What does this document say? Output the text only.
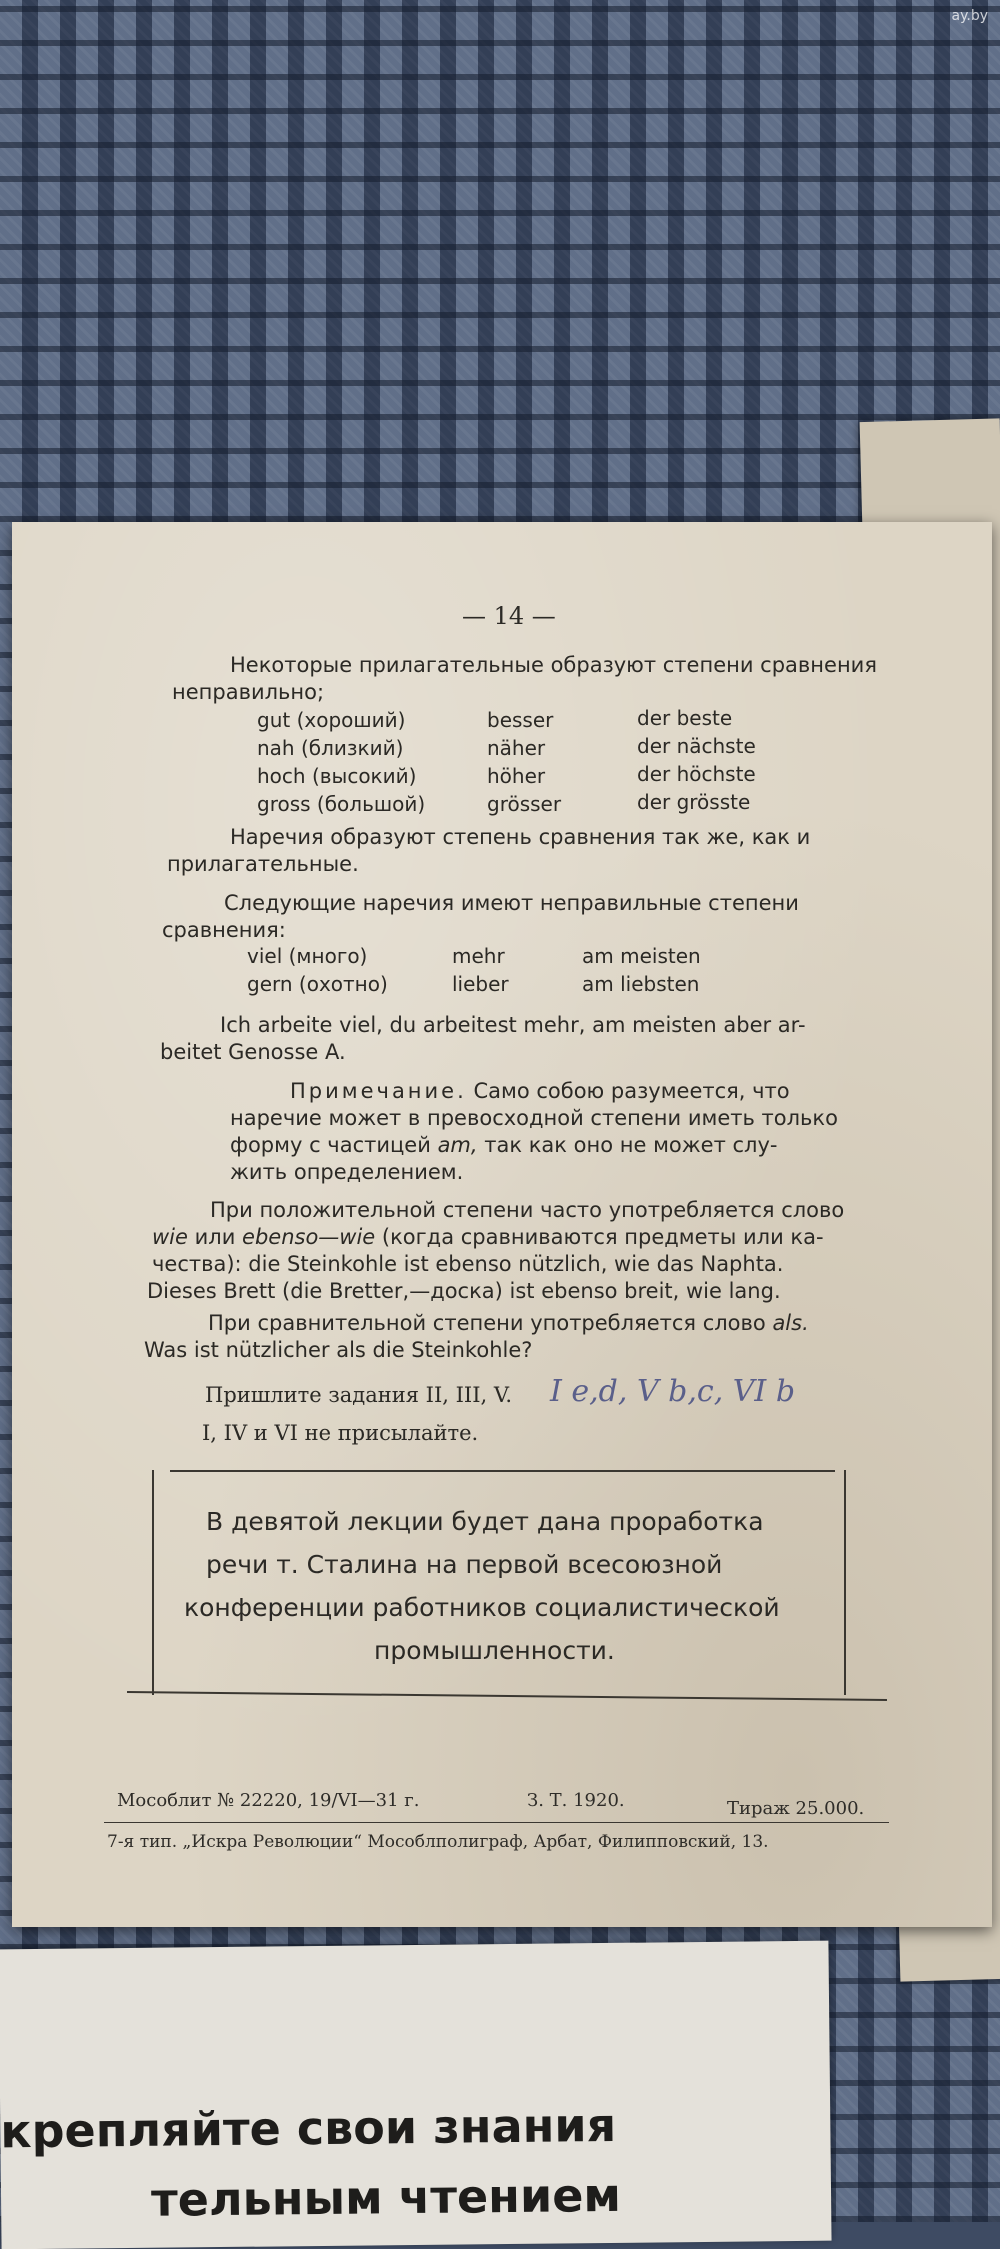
ay.by
— 14 —
Некоторые прилагательные образуют степени сравнения
неправильно;
gut (хороший)	besser	der beste
nah (близкий)	näher	der nächste
hoch (высокий)	höher	der höchste
gross (большой)	grösser	der grösste
Наречия образуют степень сравнения так же, как и
прилагательные.
Следующие наречия имеют неправильные степени
сравнения:
viel (много)	mehr	am meisten
gern (охотно)	lieber	am liebsten
Ich arbeite viel, du arbeitest mehr, am meisten aber ar-
beitet Genosse A.
Примечание. Само собою разумеется, что
наречие может в превосходной степени иметь только
форму с частицей am, так как оно не может слу-
жить определением.
При положительной степени часто употребляется слово
wie или ebenso—wie (когда сравниваются предметы или ка-
чества): die Steinkohle ist ebenso nützlich, wie das Naphta.
Dieses Brett (die Bretter,—доска) ist ebenso breit, wie lang.
При сравнительной степени употребляется слово als.
Was ist nützlicher als die Steinkohle?
Пришлите задания II, III, V. I e,d, V b,c, VI b
I, IV и VI не присылайте.
В девятой лекции будет дана проработка
речи т. Сталина на первой всесоюзной
конференции работников социалистической
промышленности.
Мособлит № 22220, 19/VI—31 г.	З. Т. 1920.	Тираж 25.000.
7-я тип. „Искра Революции“ Мособлполиграф, Арбат, Филипповский, 13.
крепляйте свои знания
тельным чтением
